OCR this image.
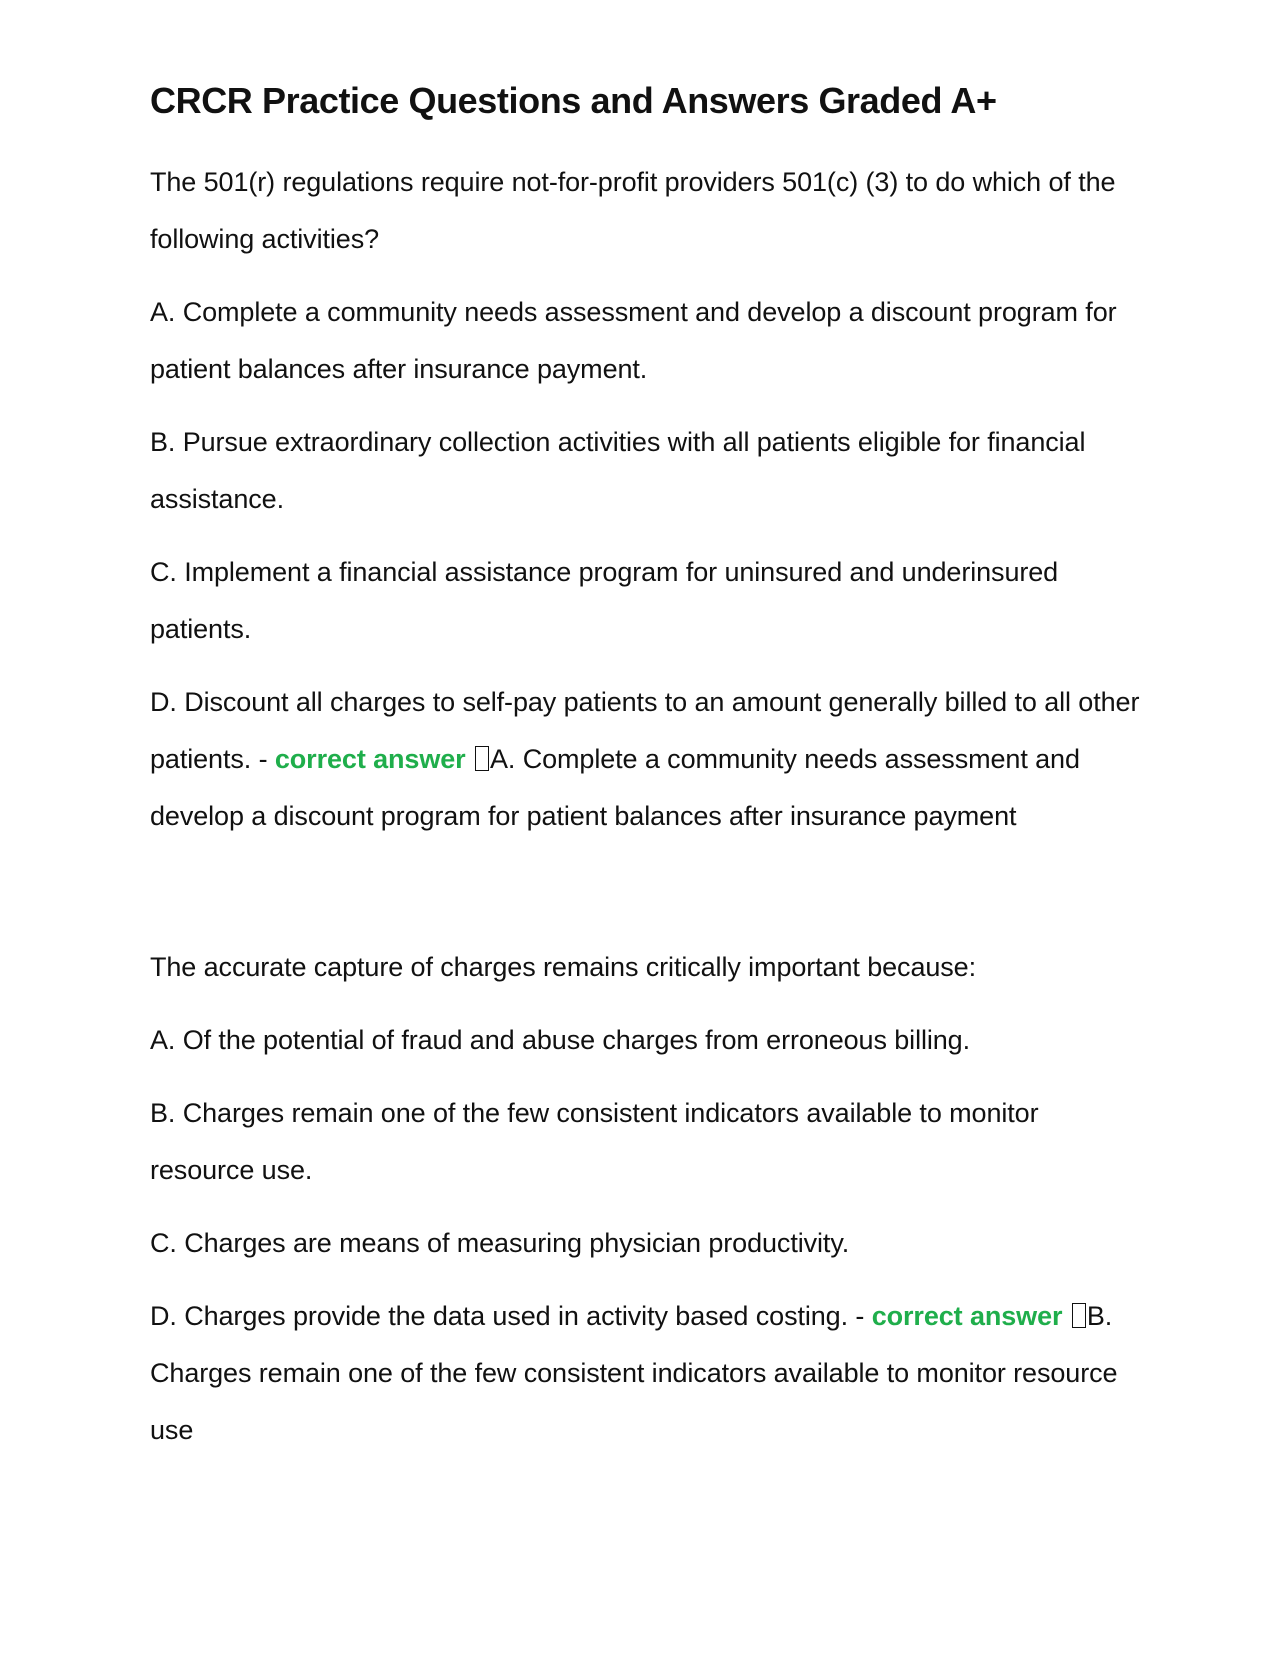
CRCR Practice Questions and Answers Graded A+

The 501(r) regulations require not-for-profit providers 501(c) (3) to do which of the following activities?

A. Complete a community needs assessment and develop a discount program for patient balances after insurance payment.

B. Pursue extraordinary collection activities with all patients eligible for financial assistance.

C. Implement a financial assistance program for uninsured and underinsured patients.

D. Discount all charges to self-pay patients to an amount generally billed to all other patients. - correct answer A. Complete a community needs assessment and develop a discount program for patient balances after insurance payment

The accurate capture of charges remains critically important because:

A. Of the potential of fraud and abuse charges from erroneous billing.

B. Charges remain one of the few consistent indicators available to monitor resource use.

C. Charges are means of measuring physician productivity.

D. Charges provide the data used in activity based costing. - correct answer B. Charges remain one of the few consistent indicators available to monitor resource use
